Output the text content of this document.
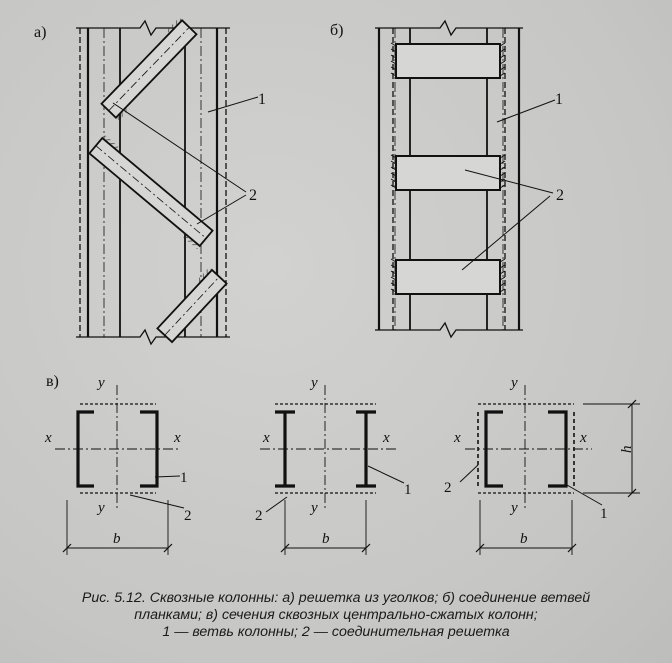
а)
1
2
б)
1
2
в)	y
y
x	x
1
2
b
y
y
x	x
1
2
b
y
y
x	x
1
2
b
h
Рис. 5.12. Сквозные колонны: а) решетка из уголков; б) соединение ветвей
планками; в) сечения сквозных центрально-сжатых колонн;
1 — ветвь колонны; 2 — соединительная решетка
